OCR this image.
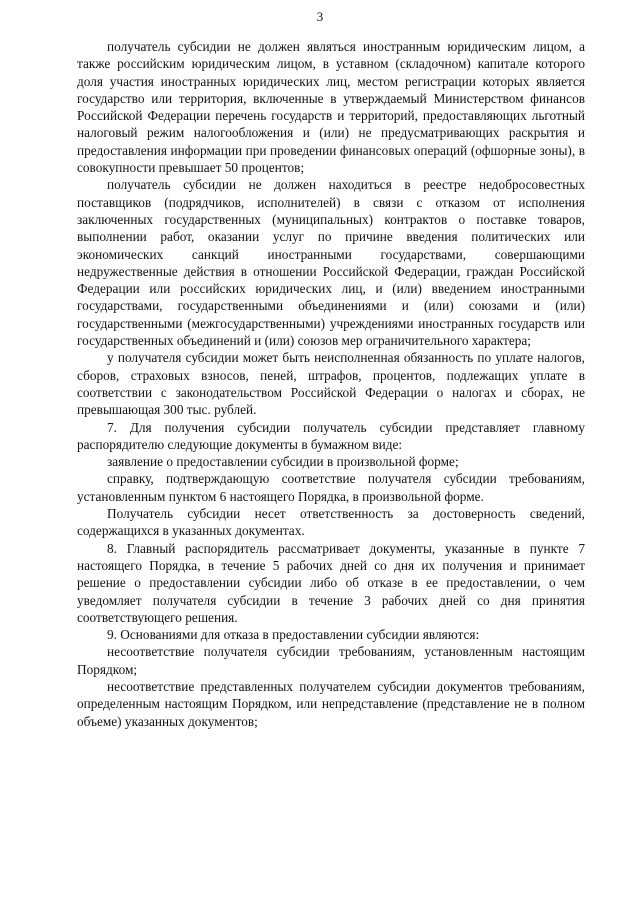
3

получатель субсидии не должен являться иностранным юридическим лицом, а также российским юридическим лицом, в уставном (складочном) капитале которого доля участия иностранных юридических лиц, местом регистрации которых является государство или территория, включенные в утверждаемый Министерством финансов Российской Федерации перечень государств и территорий, предоставляющих льготный налоговый режим налогообложения и (или) не предусматривающих раскрытия и предоставления информации при проведении финансовых операций (офшорные зоны), в совокупности превышает 50 процентов;

получатель субсидии не должен находиться в реестре недобросовестных поставщиков (подрядчиков, исполнителей) в связи с отказом от исполнения заключенных государственных (муниципальных) контрактов о поставке товаров, выполнении работ, оказании услуг по причине введения политических или экономических санкций иностранными государствами, совершающими недружественные действия в отношении Российской Федерации, граждан Российской Федерации или российских юридических лиц, и (или) введением иностранными государствами, государственными объединениями и (или) союзами и (или) государственными (межгосударственными) учреждениями иностранных государств или государственных объединений и (или) союзов мер ограничительного характера;

у получателя субсидии может быть неисполненная обязанность по уплате налогов, сборов, страховых взносов, пеней, штрафов, процентов, подлежащих уплате в соответствии с законодательством Российской Федерации о налогах и сборах, не превышающая 300 тыс. рублей.

7. Для получения субсидии получатель субсидии представляет главному распорядителю следующие документы в бумажном виде:

заявление о предоставлении субсидии в произвольной форме;

справку, подтверждающую соответствие получателя субсидии требованиям, установленным пунктом 6 настоящего Порядка, в произвольной форме.

Получатель субсидии несет ответственность за достоверность сведений, содержащихся в указанных документах.

8. Главный распорядитель рассматривает документы, указанные в пункте 7 настоящего Порядка, в течение 5 рабочих дней со дня их получения и принимает решение о предоставлении субсидии либо об отказе в ее предоставлении, о чем уведомляет получателя субсидии в течение 3 рабочих дней со дня принятия соответствующего решения.

9. Основаниями для отказа в предоставлении субсидии являются:

несоответствие получателя субсидии требованиям, установленным настоящим Порядком;

несоответствие представленных получателем субсидии документов требованиям, определенным настоящим Порядком, или непредставление (представление не в полном объеме) указанных документов;
